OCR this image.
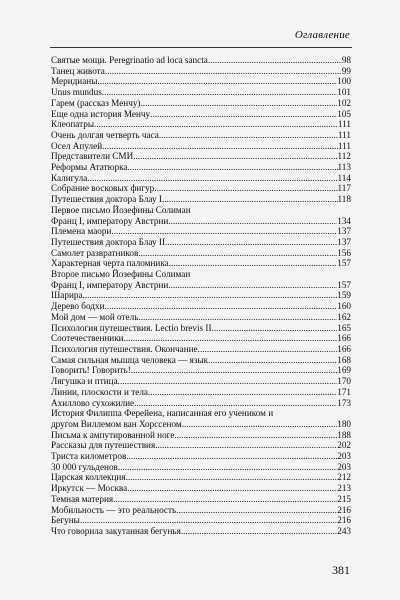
Оглавление
Святые мощи. Peregrinatio ad loca sancta .....	98
Танец живота .....	99
Меридианы .....	100
Unus mundus .....	101
Гарем (рассказ Менчу) .....	102
Еще одна история Менчу .....	105
Клеопатры .....	111
Очень долгая четверть часа .....	111
Осел Апулей .....	111
Представители СМИ .....	112
Реформы Ататюрка .....	113
Калигула .....	114
Собрание восковых фигур .....	117
Путешествия доктора Блау I .....	118
Первое письмо Йозефины Солиман
Франц I, императору Австрии .....	134
Племена маори .....	137
Путешествия доктора Блау II .....	137
Самолет развратников .....	156
Характерная черта паломника .....	157
Второе письмо Йозефины Солиман
Франц I, императору Австрии .....	157
Шарира .....	159
Дерево бодхи .....	160
Мой дом — мой отель .....	162
Психология путешествия. Lectio brevis II .....	165
Соотечественники .....	166
Психология путешествия. Окончание .....	166
Самая сильная мышца человека — язык .....	168
Говорить! Говорить! .....	169
Лягушка и птица .....	170
Линии, плоскости и тела .....	171
Ахиллово сухожилие .....	173
История Филиппа Ферейена, написанная его учеником и
другом Виллемом ван Хорссеном .....	180
Письма к ампутированной ноге .....	188
Рассказы для путешествия .....	202
Триста километров .....	203
30 000 гульденов .....	203
Царская коллекция .....	212
Иркутск — Москва .....	213
Темная материя .....	215
Мобильность — это реальность .....	216
Бегуны .....	216
Что говорила закутанная бегунья .....	243
381
